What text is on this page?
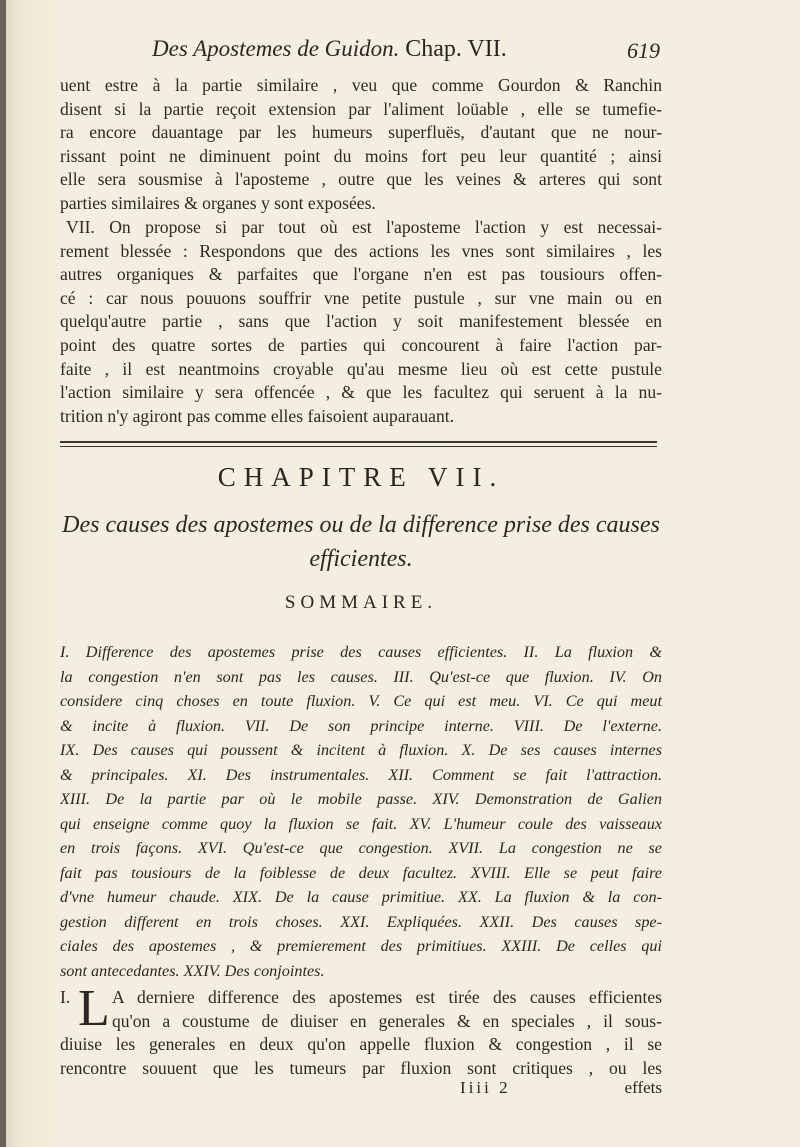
Des Apostemes de Guidon. Chap. VII.	619
uent estre à la partie similaire , veu que comme Gourdon & Ranchin
disent si la partie reçoit extension par l'aliment loüable , elle se tumefie-
ra encore dauantage par les humeurs superfluës, d'autant que ne nour-
rissant point ne diminuent point du moins fort peu leur quantité ; ainsi
elle sera sousmise à l'aposteme , outre que les veines & arteres qui sont
parties similaires & organes y sont exposées.
VII. On propose si par tout où est l'aposteme l'action y est necessai-
rement blessée : Respondons que des actions les vnes sont similaires , les
autres organiques & parfaites que l'organe n'en est pas tousiours offen-
cé : car nous pouuons souffrir vne petite pustule , sur vne main ou en
quelqu'autre partie , sans que l'action y soit manifestement blessée en
point des quatre sortes de parties qui concourent à faire l'action par-
faite , il est neantmoins croyable qu'au mesme lieu où est cette pustule
l'action similaire y sera offencée , & que les facultez qui seruent à la nu-
trition n'y agiront pas comme elles faisoient auparauant.
CHAPITRE VII.
Des causes des apostemes ou de la difference prise des causes
efficientes.
SOMMAIRE.
I. Difference des apostemes prise des causes efficientes. II. La fluxion &
la congestion n'en sont pas les causes. III. Qu'est-ce que fluxion. IV. On
considere cinq choses en toute fluxion. V. Ce qui est meu. VI. Ce qui meut
& incite à fluxion. VII. De son principe interne. VIII. De l'externe.
IX. Des causes qui poussent & incitent à fluxion. X. De ses causes internes
& principales. XI. Des instrumentales. XII. Comment se fait l'attraction.
XIII. De la partie par où le mobile passe. XIV. Demonstration de Galien
qui enseigne comme quoy la fluxion se fait. XV. L'humeur coule des vaisseaux
en trois façons. XVI. Qu'est-ce que congestion. XVII. La congestion ne se
fait pas tousiours de la foiblesse de deux facultez. XVIII. Elle se peut faire
d'vne humeur chaude. XIX. De la cause primitiue. XX. La fluxion & la con-
gestion different en trois choses. XXI. Expliquées. XXII. Des causes spe-
ciales des apostemes , & premierement des primitiues. XXIII. De celles qui
sont antecedantes. XXIV. Des conjointes.
I. L A derniere difference des apostemes est tirée des causes efficientes
qu'on a coustume de diuiser en generales & en speciales , il sous-
diuise les generales en deux qu'on appelle fluxion & congestion , il se
rencontre souuent que les tumeurs par fluxion sont critiques , ou les
Iiii 2	effets
